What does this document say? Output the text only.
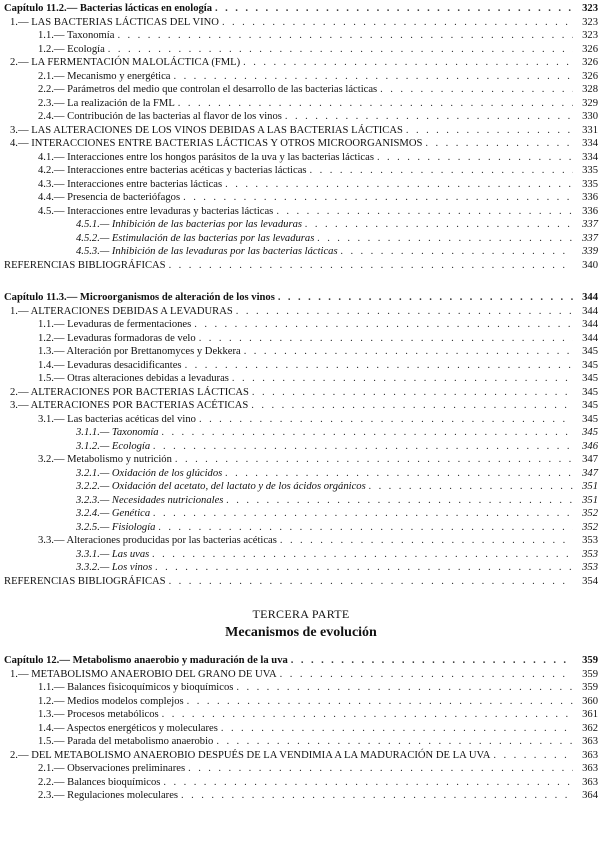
Capítulo 11.2.— Bacterias lácticas en enología . . .	323
1.— LAS BACTERIAS LÁCTICAS DEL VINO . . .	323
1.1.— Taxonomía . . .	323
1.2.— Ecología . . .	326
2.— LA FERMENTACIÓN MALOLÁCTICA (FML) . . .	326
2.1.— Mecanismo y energética . . .	326
2.2.— Parámetros del medio que controlan el desarrollo de las bacterias lácticas . . .	328
2.3.— La realización de la FML . . .	329
2.4.— Contribución de las bacterias al flavor de los vinos . . .	330
3.— LAS ALTERACIONES DE LOS VINOS DEBIDAS A LAS BACTERIAS LÁCTICAS . . .	331
4.— INTERACCIONES ENTRE BACTERIAS LÁCTICAS Y OTROS MICROORGANISMOS . . .	334
4.1.— Interacciones entre los hongos parásitos de la uva y las bacterias lácticas . . .	334
4.2.— Interacciones entre bacterias acéticas y bacterias lácticas . . .	335
4.3.— Interacciones entre bacterias lácticas . . .	335
4.4.— Presencia de bacteriófagos . . .	336
4.5.— Interacciones entre levaduras y bacterias lácticas . . .	336
4.5.1.— Inhibición de las bacterias por las levaduras . . .	337
4.5.2.— Estimulación de las bacterias por las levaduras . . .	337
4.5.3.— Inhibición de las levaduras por las bacterias lácticas . . .	339
REFERENCIAS BIBLIOGRÁFICAS . . .	340
Capítulo 11.3.— Microorganismos de alteración de los vinos . . .	344
1.— ALTERACIONES DEBIDAS A LEVADURAS . . .	344
1.1.— Levaduras de fermentaciones . . .	344
1.2.— Levaduras formadoras de velo . . .	344
1.3.— Alteración por Brettanomyces y Dekkera . . .	345
1.4.— Levaduras desacidificantes . . .	345
1.5.— Otras alteraciones debidas a levaduras . . .	345
2.— ALTERACIONES POR BACTERIAS LÁCTICAS . . .	345
3.— ALTERACIONES POR BACTERIAS ACÉTICAS . . .	345
3.1.— Las bacterias acéticas del vino . . .	345
3.1.1.— Taxonomía . . .	345
3.1.2.— Ecología . . .	346
3.2.— Metabolismo y nutrición . . .	347
3.2.1.— Oxidación de los glúcidos . . .	347
3.2.2.— Oxidación del acetato, del lactato y de los ácidos orgánicos . . .	351
3.2.3.— Necesidades nutricionales . . .	351
3.2.4.— Genética . . .	352
3.2.5.— Fisiología . . .	352
3.3.— Alteraciones producidas por las bacterias acéticas . . .	353
3.3.1.— Las uvas . . .	353
3.3.2.— Los vinos . . .	353
REFERENCIAS BIBLIOGRÁFICAS . . .	354
TERCERA PARTE
Mecanismos de evolución
Capítulo 12.— Metabolismo anaerobio y maduración de la uva . . .	359
1.— METABOLISMO ANAEROBIO DEL GRANO DE UVA . . .	359
1.1.— Balances fisicoquímicos y bioquímicos . . .	359
1.2.— Medios modelos complejos . . .	360
1.3.— Procesos metabólicos . . .	361
1.4.— Aspectos energéticos y moleculares . . .	362
1.5.— Parada del metabolismo anaerobio . . .	363
2.— DEL METABOLISMO ANAEROBIO DESPUÉS DE LA VENDIMIA A LA MADURACIÓN DE LA UVA . . .	363
2.1.— Observaciones preliminares . . .	363
2.2.— Balances bioquímicos . . .	363
2.3.— Regulaciones moleculares . . .	364
